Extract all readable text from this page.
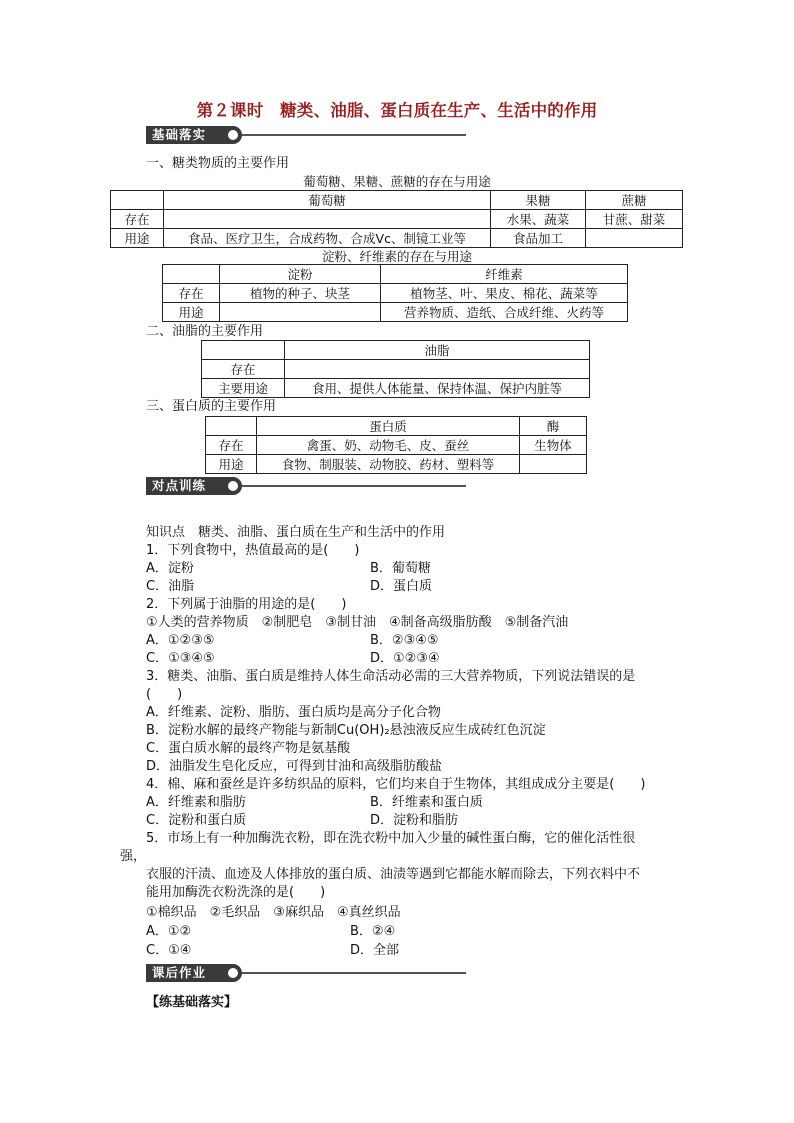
第２课时　糖类、油脂、蛋白质在生产、生活中的作用
基础落实
一、糖类物质的主要作用
葡萄糖、果糖、蔗糖的存在与用途
	葡萄糖	果糖	蔗糖
存在		水果、蔬菜	甘蔗、甜菜
用途	食品、医疗卫生，合成药物、合成Vc、制镜工业等	食品加工	
淀粉、纤维素的存在与用途
	淀粉	纤维素
存在	植物的种子、块茎	植物茎、叶、果皮、棉花、蔬菜等
用途		营养物质、造纸、合成纤维、火药等
二、油脂的主要作用
	油脂
存在	
主要用途	食用、提供人体能量、保持体温、保护内脏等
三、蛋白质的主要作用
	蛋白质	酶
存在	禽蛋、奶、动物毛、皮、蚕丝	生物体
用途	食物、制服装、动物胶、药材、塑料等	
对点训练
知识点　糖类、油脂、蛋白质在生产和生活中的作用
1．下列食物中，热值最高的是(　　)
A．淀粉	B．葡萄糖
C．油脂	D．蛋白质
2．下列属于油脂的用途的是(　　)
①人类的营养物质　②制肥皂　③制甘油　④制备高级脂肪酸　⑤制备汽油
A．①②③⑤	B．②③④⑤
C．①③④⑤	D．①②③④
3．糖类、油脂、蛋白质是维持人体生命活动必需的三大营养物质，下列说法错误的是
(　　)
A．纤维素、淀粉、脂肪、蛋白质均是高分子化合物
B．淀粉水解的最终产物能与新制Cu(OH)₂悬浊液反应生成砖红色沉淀
C．蛋白质水解的最终产物是氨基酸
D．油脂发生皂化反应，可得到甘油和高级脂肪酸盐
4．棉、麻和蚕丝是许多纺织品的原料，它们均来自于生物体，其组成成分主要是(　　)
A．纤维素和脂肪	B．纤维素和蛋白质
C．淀粉和蛋白质	D．淀粉和脂肪
5．市场上有一种加酶洗衣粉，即在洗衣粉中加入少量的碱性蛋白酶，它的催化活性很
强，
衣服的汗渍、血迹及人体排放的蛋白质、油渍等遇到它都能水解而除去，下列衣料中不
能用加酶洗衣粉洗涤的是(　　)
①棉织品　②毛织品　③麻织品　④真丝织品
A．①②	B．②④
C．①④	D．全部
课后作业
【练基础落实】
